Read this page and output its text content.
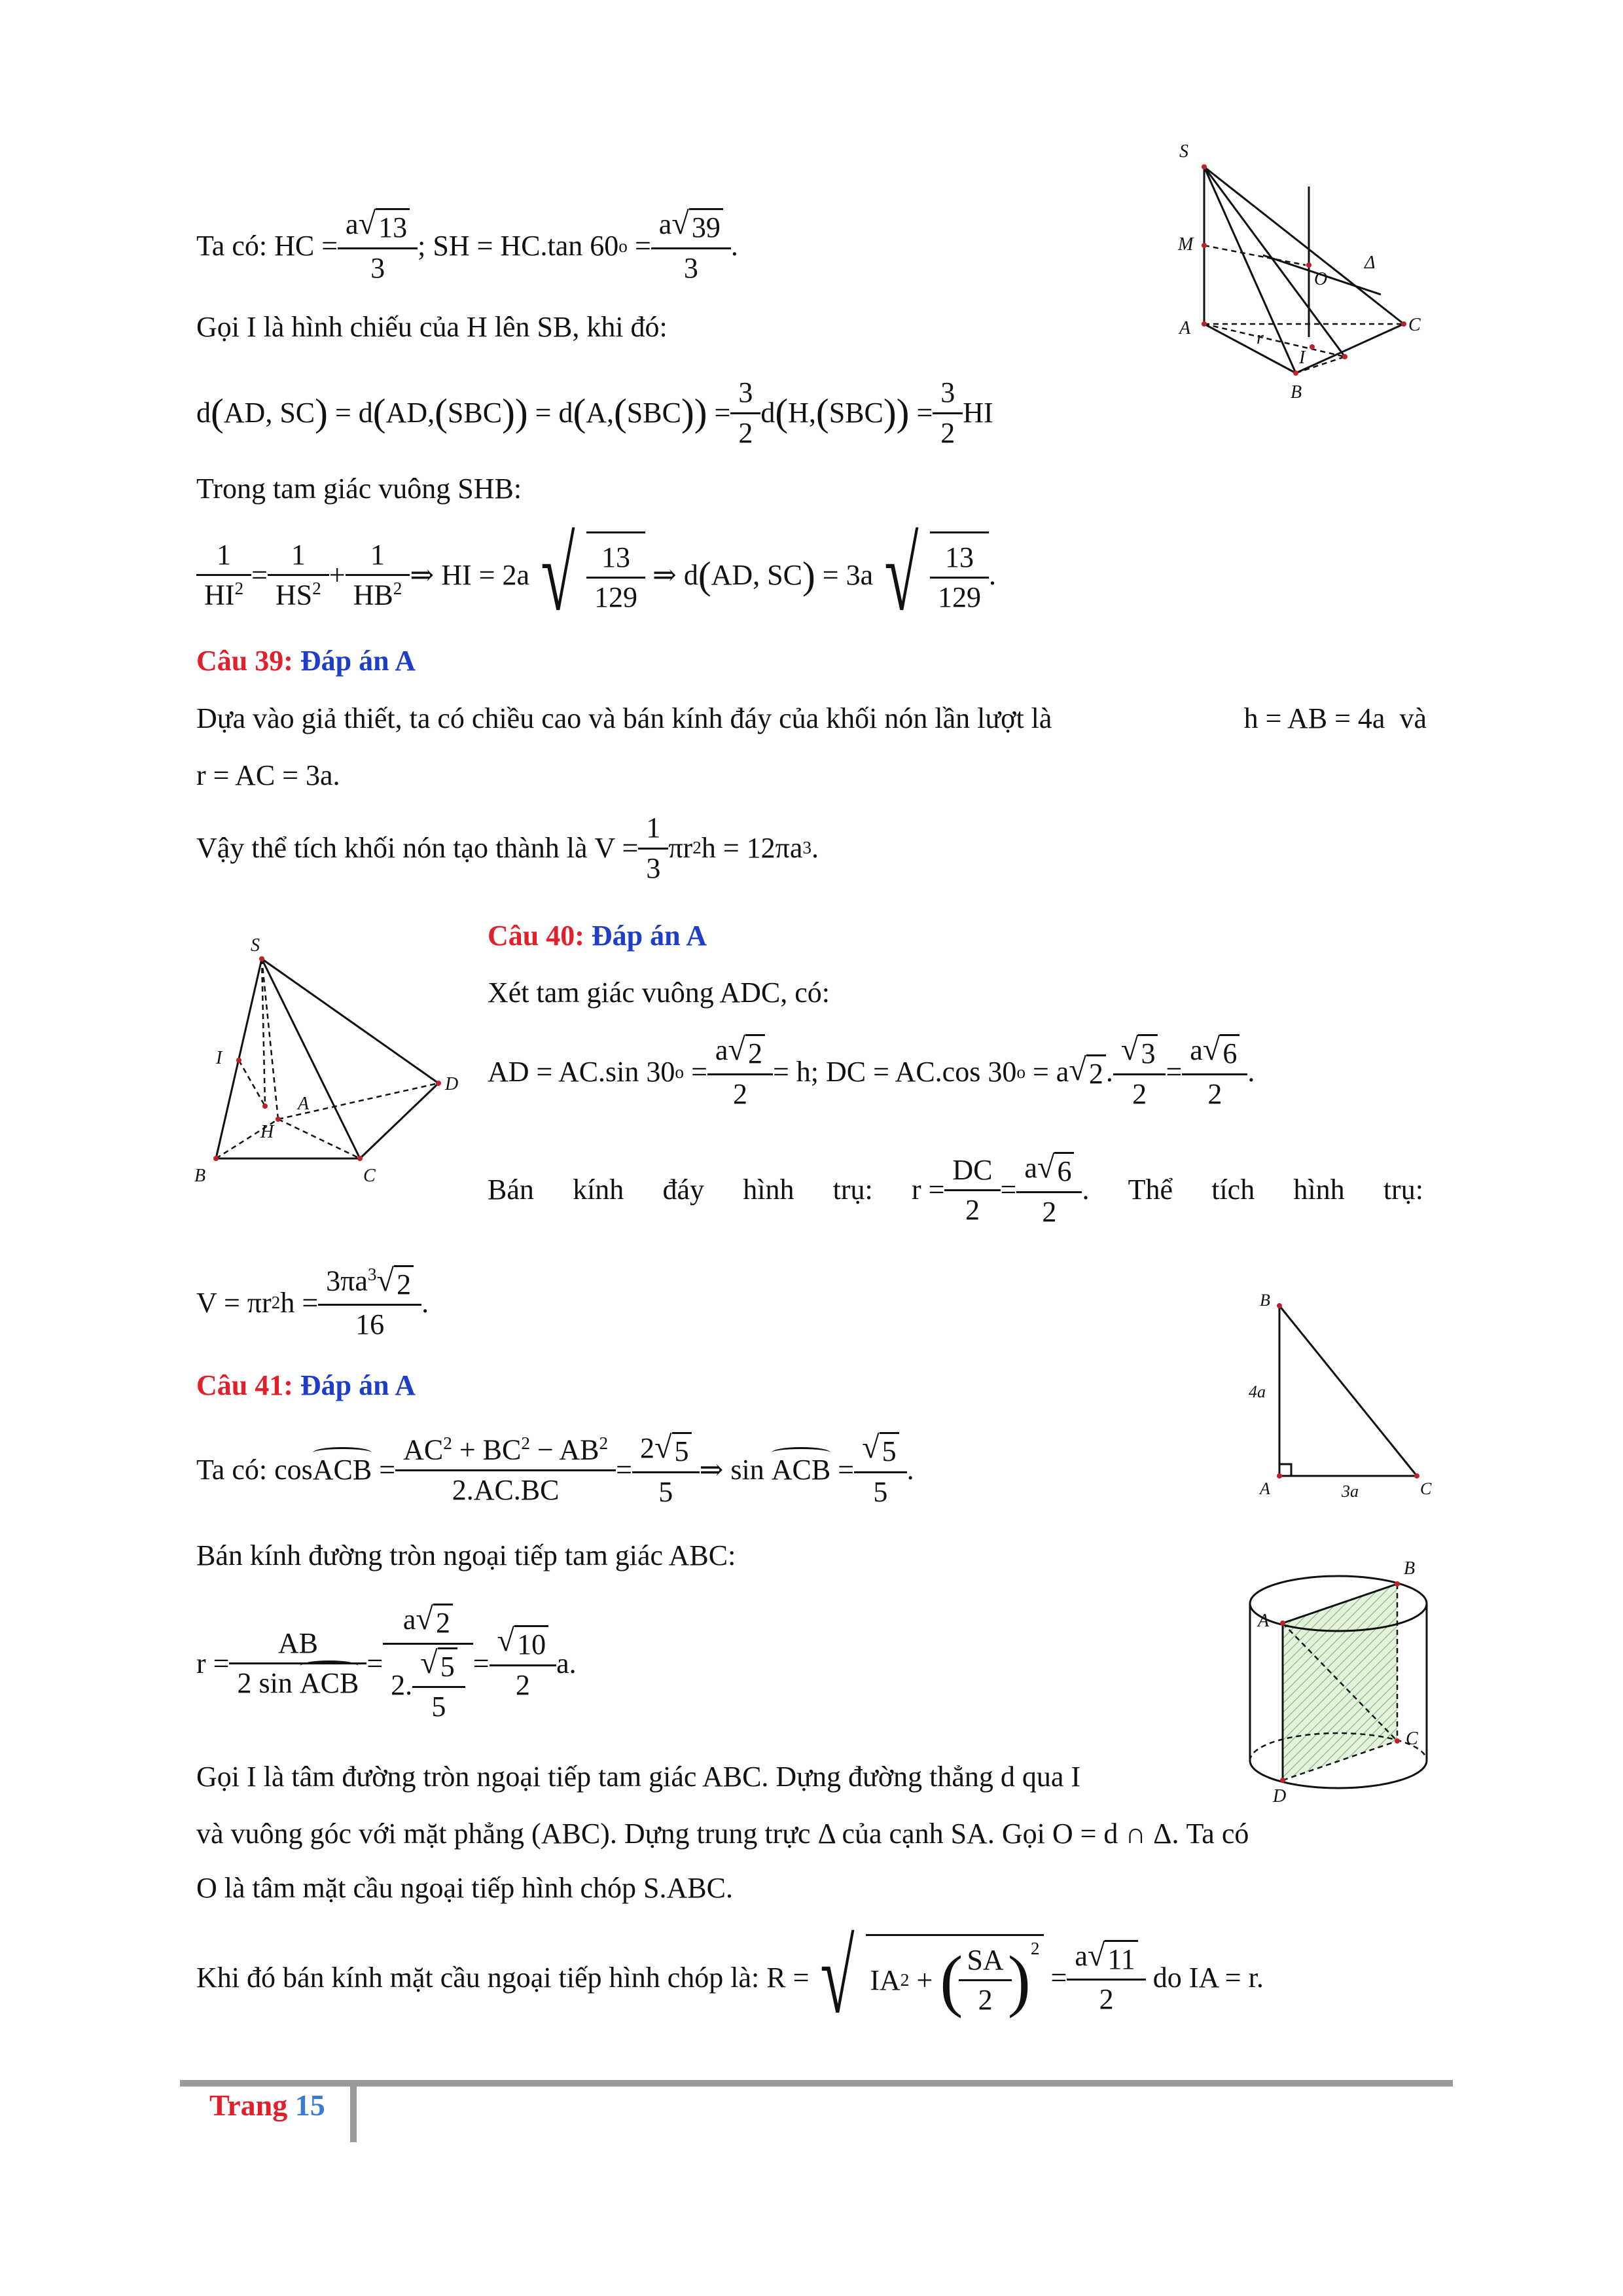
Ta có:
HC = $\frac{a √ 13}{3}$ ;
SH = HC.tan 60 o
= $\frac{a √ 39}{3}$ .
Gọi I là hình chiếu của H lên SB, khi đó:
d ( AD, SC )
= d ( AD, ( SBC ))
= d ( A, ( SBC ))
= $\frac{3}{2}$ d ( H, ( SBC ))
= $\frac{3}{2}$ HI
Trong tam giác vuông SHB:
$\frac{1}{HI^2} = \frac{1}{HS^2} + \frac{1}{HB^2}$ ⇒ HI = 2a √ $\frac{13}{129}$
⇒ d ( AD, SC )
= 3a √ $\frac{13}{129}$ .
Câu 39: Đáp án A
Dựa vào giả thiết, ta có chiều cao và bán kính đáy của khối nón lần lượt là	h = AB = 4a và
r = AC = 3a.
Vậy thể tích khối nón tạo thành là
$V = \frac{1}{3}$ πr 2 h = 12πa 3 .
Câu 40: Đáp án A
Xét tam giác vuông ADC, có:
AD = AC.sin 30 o
= $\frac{a √ 2}{2} = h$;
DC = AC.cos 30 o
= a √ 2 . $\frac{√ 3}{2} = \frac{a √ 6}{2}$ .
Bán kính đáy hình trụ: $r = \frac{DC}{2} = \frac{a √ 6}{2}$ . Thể tích hình trụ:
V = πr 2 $h = \frac{3\pi a^3 √ 2}{16}$ .
Câu 41: Đáp án A
Ta có:
cos ACB
= $\frac{AC^2 + BC^2 - AB^2}{2.AC.BC} = \frac{2 √ 5}{5}$ ⇒ sin
ACB
= $\frac{√ 5}{5}$ .
Bán kính đường tròn ngoại tiếp tam giác ABC:
$r = \frac{AB}{\text{2 sin ACB}} = \frac{a √ 2}{2. \frac{√ 5}{5}} = \frac{√ 10}{2} a$.
Gọi I là tâm đường tròn ngoại tiếp tam giác ABC. Dựng đường thẳng d qua I
và vuông góc với mặt phẳng (ABC). Dựng trung trực Δ của cạnh SA. Gọi O = d ∩ Δ. Ta có
O là tâm mặt cầu ngoại tiếp hình chóp S.ABC.
Khi đó bán kính mặt cầu ngoại tiếp hình chóp là:
R = √ IA 2 + ( $\frac{SA}{2} )^2$

= $\frac{a √ 11}{2}$
do IA = r.
S
M
O
Δ
A	C
r
I
B
S
I
A
H
D
B	C
B
4a
A	3a	C
B
A
C
D
Trang 15
